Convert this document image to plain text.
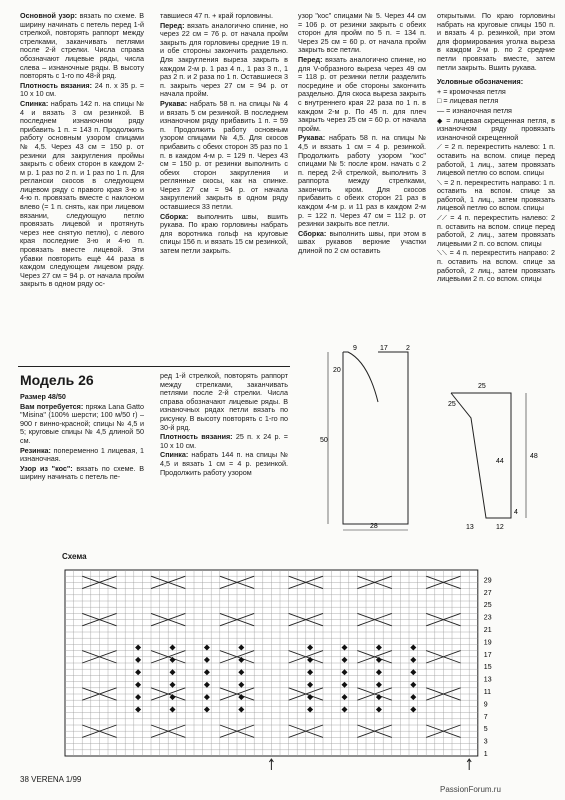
Основной узор: вязать по схеме. В ширину начинать с петель перед 1-й стрелкой, повторять раппорт между стрелками, заканчивать петлями после 2-й стрелки. Числа справа обозначают лицевые ряды, числа слева – изнаночные ряды. В высоту повторять с 1-го по 48-й ряд.

Плотность вязания: 24 п. х 35 р. = 10 х 10 см.

Спинка: набрать 142 п. на спицы № 4 и вязать 3 см резинкой. В последнем изнаночном ряду прибавить 1 п. = 143 п. Продолжить работу основным узором спицами № 4,5. Через 43 см = 150 р. от резинки для закругления проймы закрыть с обеих сторон в каждом 2-м р. 1 раз по 2 п. и 1 раз по 1 п. Для реглански скосов в следующем лицевом ряду с правого края 3-ю и 4-ю п. провязать вместе с наклоном влево (= 1 п. снять, как при лицевом вязании, следующую петлю провязать лицевой и протянуть через нее снятую петлю), с левого края последние 3-ю и 4-ю п. провязать вместе лицевой. Эти убавки повторить ещё 44 раза в каждом следующем лицевом ряду. Через 27 см = 94 р. от начала пройм закрыть в одном ряду ос-

тавшиеся 47 п. + край горловины.

Перед: вязать аналогично спинке, но через 22 см = 76 р. от начала пройм закрыть для горловины средние 19 п. и обе стороны закончить раздельно. Для закругления выреза закрыть в каждом 2-м р. 1 раз 4 п., 1 раз 3 п., 1 раз 2 п. и 2 раза по 1 п. Оставшиеся 3 п. закрыть через 27 см = 94 р. от начала пройм.

Рукава: набрать 58 п. на спицы № 4 и вязать 5 см резинкой. В последнем изнаночном ряду прибавить 1 п. = 59 п. Продолжить работу основным узором спицами № 4,5. Для скосов прибавить с обеих сторон 35 раз по 1 п. в каждом 4-м р. = 129 п. Через 43 см = 150 р. от резинки выполнить с обеих сторон закругления и реглянные скосы, как на спинке. Через 27 см = 94 р. от начала закруглений закрыть в одном ряду оставшиеся 33 петли.

Сборка: выполнить швы, вшить рукава. По краю горловины набрать для воротника гольф на круговые спицы 156 п. и вязать 15 см резинкой, затем петли закрыть.

узор "кос" спицами № 5. Через 44 см = 106 р. от резинки закрыть с обеих сторон для пройм по 5 п. = 134 п. Через 25 см = 60 р. от начала пройм закрыть все петли.

Перед: вязать аналогично спинке, но для V-образного выреза через 49 см = 118 р. от резинки петли разделить посредине и обе стороны закончить раздельно. Для скоса выреза закрыть с внутреннего края 22 раза по 1 п. в каждом 2-м р. По 45 п. для плеч закрыть через 25 см = 60 р. от начала пройм.

Рукава: набрать 58 п. на спицы № 4,5 и вязать 1 см = 4 р. резинкой. Продолжить работу узором "кос" спицами № 5: после кром. начать с 2 п. перед 2-й стрелкой, выполнить 3 раппорта между стрелками, закончить кром. Для скосов прибавить с обеих сторон 21 раз в каждом 4-м р. и 11 раз в каждом 2-м р. = 122 п. Через 47 см = 112 р. от резинки закрыть все петли.

Сборка: выполнить швы, при этом в швах рукавов верхние участки длиной по 2 см оставить

открытыми. По краю горловины набрать на круговые спицы 150 п. и вязать 4 р. резинкой, при этом для формирования уголка выреза в каждом 2-м р. по 2 средние петли провязать вместе, затем петли закрыть. Вшить рукава.

Условные обозначения:

+ = кромочная петля

□ = лицевая петля

— = изнаночная петля

◆ = лицевая скрещенная петля, в изнаночном ряду провязать изнаночной скрещенной

⟋ = 2 п. перекрестить налево: 1 п. оставить на вспом. спице перед работой, 1 лиц., затем провязать лицевой петлю со вспом. спицы

⟍ = 2 п. перекрестить направо: 1 п. оставить на вспом. спице за работой, 1 лиц., затем провязать лицевой петлю со вспом. спицы

⟋⟋ = 4 п. перекрестить налево: 2 п. оставить на вспом. спице перед работой, 2 лиц., затем провязать лицевыми 2 п. со вспом. спицы

⟍⟍ = 4 п. перекрестить направо: 2 п. оставить на вспом. спице за работой, 2 лиц., затем провязать лицевыми 2 п. со вспом. спицы

Модель 26

Размер 48/50

Вам потребуется: пряжа Lana Gatto "Misina" (100% шерсти; 100 м/50 г) – 900 г винно-красной; спицы № 4,5 и 5; круговые спицы № 4,5 длиной 50 см.

Резинка: попеременно 1 лицевая, 1 изнаночная.

Узор из "кос": вязать по схеме. В ширину начинать с петель пе-

ред 1-й стрелкой, повторять раппорт между стрелками, заканчивать петлями после 2-й стрелки. Числа справа обозначают лицевые ряды. В изнаночных рядах петли вязать по рисунку. В высоту повторять с 1-го по 30-й ряд.

Плотность вязания: 25 п. х 24 р. = 10 х 10 см.

Спинка: набрать 144 п. на спицы № 4,5 и вязать 1 см = 4 р. резинкой. Продолжить работу узором

9	17	2
20
50
28
25
25
48
44
4
13	12
Схема
29
27
25
23
21
19
17
15
13
11
9
7
5
3
1
38 VERENA 1/99
PassionForum.ru
